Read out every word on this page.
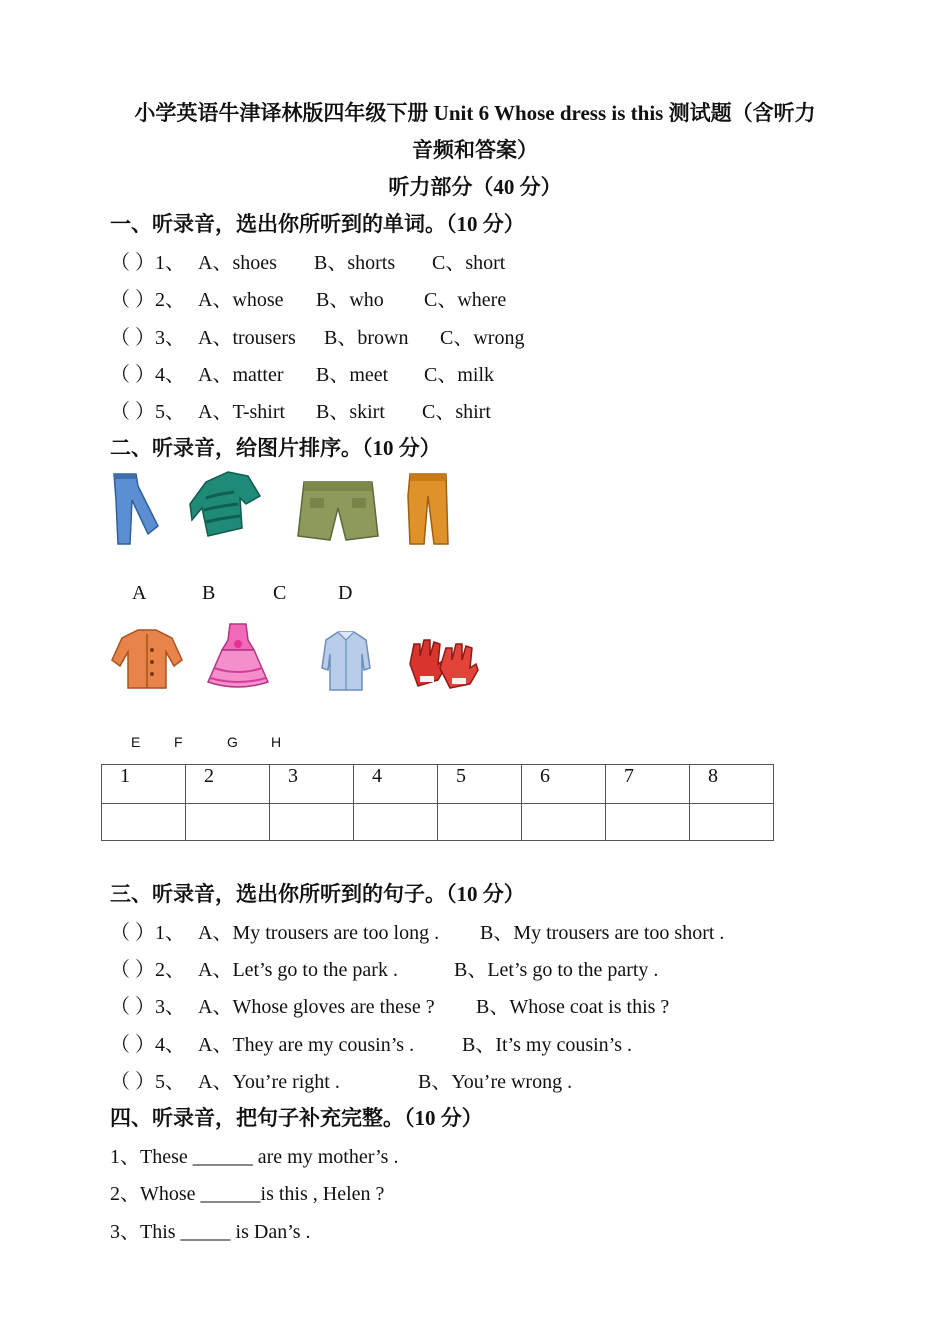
小学英语牛津译林版四年级下册 Unit 6 Whose dress is this 测试题（含听力
音频和答案）
听力部分（40 分）
一、听录音，选出你所听到的单词。（10 分）
（ ）1、 A、shoes B、shorts C、short
（ ）2、 A、whose B、who C、where
（ ）3、 A、trousers B、brown C、wrong
（ ）4、 A、matter B、meet C、milk
（ ）5、 A、T-shirt B、skirt C、shirt
二、听录音，给图片排序。（10 分）
A	B	C	D
E F	G H
1	2	3	4	5	6	7	8

三、听录音，选出你所听到的句子。（10 分）
（ ）1、 A、My trousers are too long . B、My trousers are too short .
（ ）2、 A、Let’s go to the park .	B、Let’s go to the party .
（ ）3、 A、Whose gloves are these ? B、Whose coat is this ?
（ ）4、 A、They are my cousin’s . B、It’s my cousin’s .
（ ）5、 A、You’re right .	B、You’re wrong .
四、听录音，把句子补充完整。（10 分）
1、These ______ are my mother’s .
2、Whose ______is this , Helen ?
3、This _____ is Dan’s .
